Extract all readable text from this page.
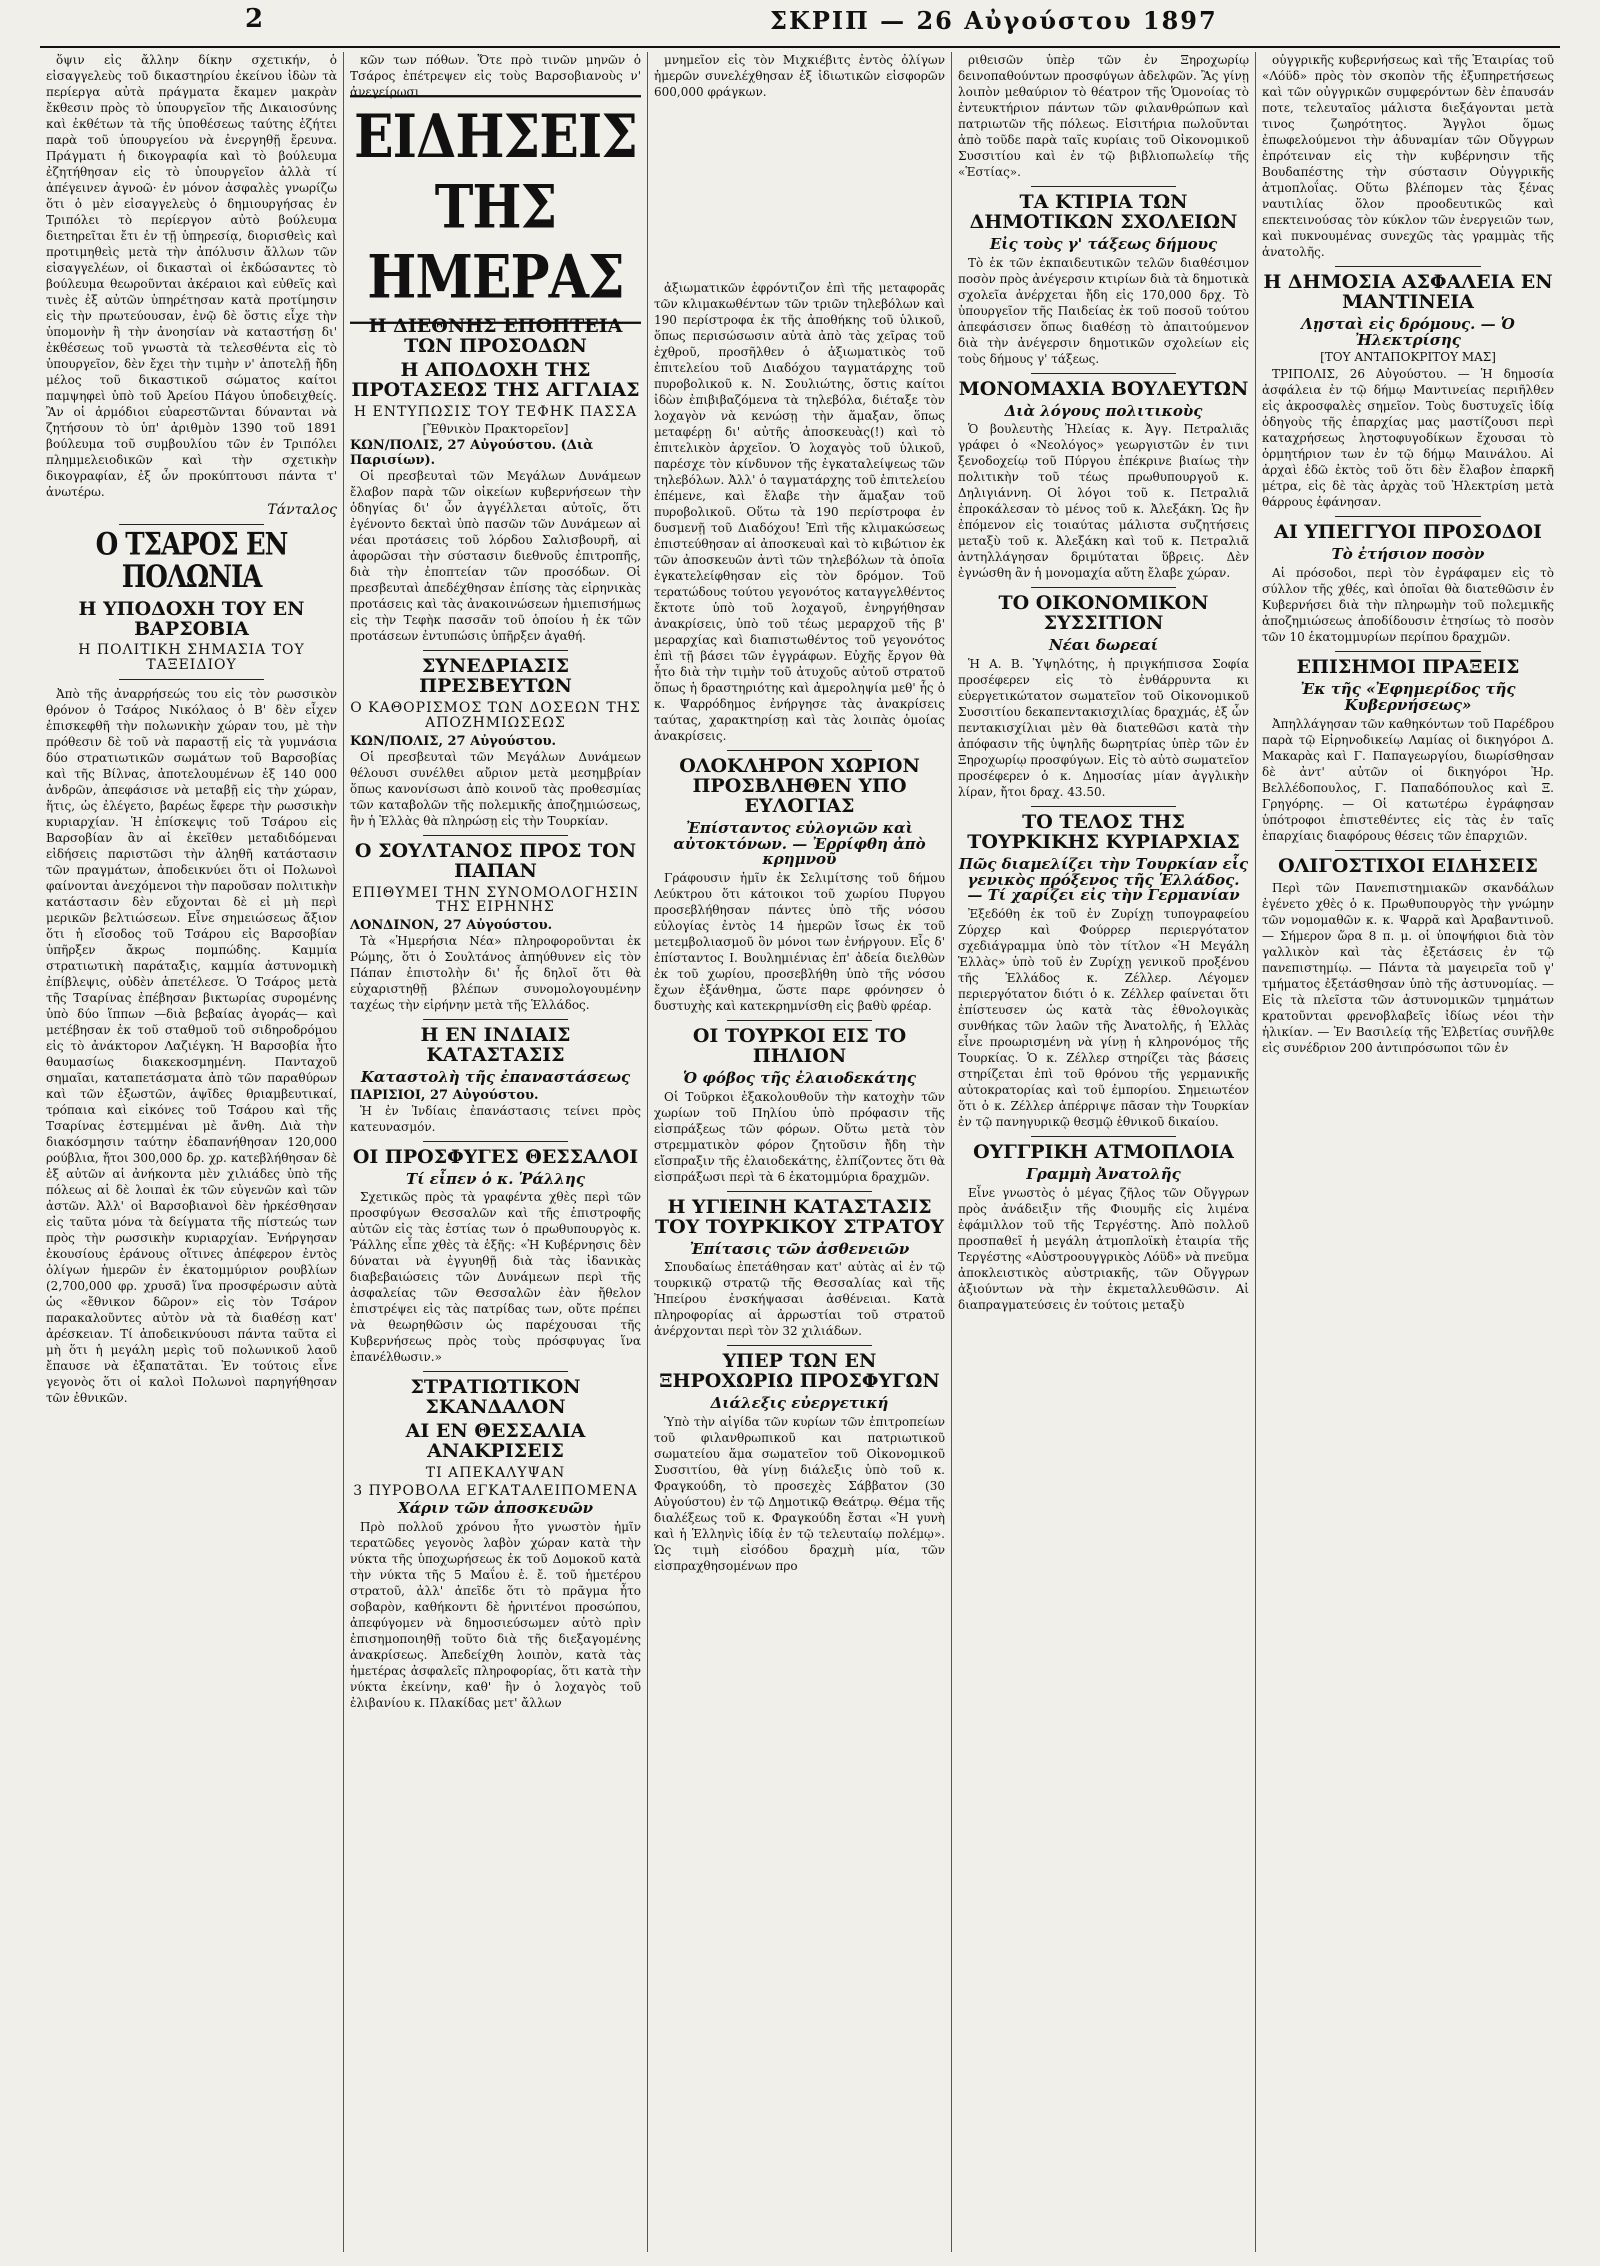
2	ΣΚΡΙΠ — 26 Αὐγούστου 1897

ὅψιν εἰς ἄλλην δίκην σχετικήν, ὁ εἰσαγγελεὺς τοῦ δικαστηρίου ἐκείνου ἰδὼν τὰ περίεργα αὐτὰ πράγματα ἔκαμεν μακρὰν ἔκθεσιν πρὸς τὸ ὑπουργεῖον τῆς Δικαιοσύνης καὶ ἐκθέτων τὰ τῆς ὑποθέσεως ταύτης ἐζήτει παρὰ τοῦ ὑπουργείου νὰ ἐνεργηθῇ ἔρευνα. Πράγματι ἡ δικογραφία καὶ τὸ βούλευμα ἐζητήθησαν εἰς τὸ ὑπουργεῖον ἀλλὰ τί ἀπέγεινεν ἀγνοῶ· ἐν μόνον ἀσφαλὲς γνωρίζω ὅτι ὁ μὲν εἰσαγγελεὺς ὁ δημιουργήσας ἐν Τριπόλει τὸ περίεργον αὐτὸ βούλευμα διετηρεῖται ἔτι ἐν τῇ ὑπηρεσίᾳ, διορισθεὶς καὶ προτιμηθεὶς μετὰ τὴν ἀπόλυσιν ἄλλων τῶν εἰσαγγελέων, οἱ δικασταὶ οἱ ἐκδώσαντες τὸ βούλευμα θεωροῦνται ἀκέραιοι καὶ εὐθεῖς καὶ τινὲς ἐξ αὐτῶν ὑπηρέτησαν κατὰ προτίμησιν εἰς τὴν πρωτεύουσαν, ἐνῷ δὲ ὅστις εἶχε τὴν ὑπομονὴν ἢ τὴν ἀνοησίαν νὰ καταστήσῃ δι' ἐκθέσεως τοῦ γνωστὰ τὰ τελεσθέντα εἰς τὸ ὑπουργεῖον, δὲν ἔχει τὴν τιμὴν ν' ἀποτελῇ ἤδη μέλος τοῦ δικαστικοῦ σώματος καίτοι παμψηφεὶ ὑπὸ τοῦ Ἀρείου Πάγου ὑποδειχθείς. Ἂν οἱ ἁρμόδιοι εὐαρεστῶνται δύνανται νὰ ζητήσουν τὸ ὑπ' ἀριθμὸν 1390 τοῦ 1891 βούλευμα τοῦ συμβουλίου τῶν ἐν Τριπόλει πλημμελειοδικῶν καὶ τὴν σχετικὴν δικογραφίαν, ἐξ ὧν προκύπτουσι πάντα τ' ἀνωτέρω.

Τάνταλος
Ο ΤΣΑΡΟΣ ΕΝ ΠΟΛΩΝΙΑ
Η ΥΠΟΔΟΧΗ ΤΟΥ ΕΝ ΒΑΡΣΟΒΙΑ
Η ΠΟΛΙΤΙΚΗ ΣΗΜΑΣΙΑ ΤΟΥ ΤΑΞΕΙΔΙΟΥ

Ἀπὸ τῆς ἀναρρήσεώς του εἰς τὸν ρωσσικὸν θρόνον ὁ Τσάρος Νικόλαος ὁ Β' δὲν εἶχεν ἐπισκεφθῆ τὴν πολωνικὴν χώραν του, μὲ τὴν πρόθεσιν δὲ τοῦ νὰ παραστῇ εἰς τὰ γυμνάσια δύο στρατιωτικῶν σωμάτων τοῦ Βαρσοβίας καὶ τῆς Βίλνας, ἀποτελουμένων ἐξ 140 000 ἀνδρῶν, ἀπεφάσισε νὰ μεταβῇ εἰς τὴν χώραν, ἥτις, ὡς ἐλέγετο, βαρέως ἔφερε τὴν ρωσσικὴν κυριαρχίαν. Ἡ ἐπίσκεψις τοῦ Τσάρου εἰς Βαρσοβίαν ἂν αἱ ἐκεῖθεν μεταδιδόμεναι εἰδήσεις παριστῶσι τὴν ἀληθῆ κατάστασιν τῶν πραγμάτων, ἀποδεικνύει ὅτι οἱ Πολωνοὶ φαίνονται ἀνεχόμενοι τὴν παροῦσαν πολιτικὴν κατάστασιν δὲν εὔχονται δὲ εἰ μὴ περὶ μερικῶν βελτιώσεων. Εἶνε σημειώσεως ἄξιον ὅτι ἡ εἴσοδος τοῦ Τσάρου εἰς Βαρσοβίαν ὑπῆρξεν ἄκρως πομπώδης. Καμμία στρατιωτικὴ παράταξις, καμμία ἀστυνομικὴ ἐπίβλεψις, οὐδὲν ἀπετέλεσε. Ὁ Τσάρος μετὰ τῆς Τσαρίνας ἐπέβησαν βικτωρίας συρομένης ὑπὸ δύο ἵππων —διὰ βεβαίας ἀγοράς— καὶ μετέβησαν ἐκ τοῦ σταθμοῦ τοῦ σιδηροδρόμου εἰς τὸ ἀνάκτορον Λαζιέγκη. Ἡ Βαρσοβία ἦτο θαυμασίως διακεκοσμημένη. Πανταχοῦ σημαῖαι, καταπετάσματα ἀπὸ τῶν παραθύρων καὶ τῶν ἐξωστῶν, ἁψῖδες θριαμβευτικαί, τρόπαια καὶ εἰκόνες τοῦ Τσάρου καὶ τῆς Τσαρίνας ἐστεμμέναι μὲ ἄνθη. Διὰ τὴν διακόσμησιν ταύτην ἐδαπανήθησαν 120,000 ρούβλια, ἤτοι 300,000 δρ. χρ. κατεβλήθησαν δὲ ἐξ αὐτῶν αἱ ἀνήκοντα μὲν χιλιάδες ὑπὸ τῆς πόλεως αἱ δὲ λοιπαὶ ἐκ τῶν εὐγενῶν καὶ τῶν ἀστῶν. Ἀλλ' οἱ Βαρσοβιανοὶ δὲν ἠρκέσθησαν εἰς ταῦτα μόνα τὰ δείγματα τῆς πίστεώς των πρὸς τὴν ρωσσικὴν κυριαρχίαν. Ἐνήργησαν ἐκουσίους ἐράνους οἵτινες ἀπέφερον ἐντὸς ὀλίγων ἡμερῶν ἐν ἑκατομμύριον ρουβλίων (2,700,000 φρ. χρυσᾶ) ἵνα προσφέρωσιν αὐτὰ ὡς «ἔθνικον δῶρον» εἰς τὸν Τσάρον παρακαλοῦντες αὐτὸν νὰ τὰ διαθέσῃ κατ' ἀρέσκειαν. Τί ἀποδεικνύουσι πάντα ταῦτα εἰ μὴ ὅτι ἡ μεγάλη μερὶς τοῦ πολωνικοῦ λαοῦ ἔπαυσε νὰ ἐξαπατᾶται. Ἐν τούτοις εἶνε γεγονὸς ὅτι οἱ καλοὶ Πολωνοὶ παρηγήθησαν τῶν ἐθνικῶν.

κῶν των πόθων. Ὅτε πρὸ τινῶν μηνῶν ὁ Τσάρος ἐπέτρεψεν εἰς τοὺς Βαρσοβιανοὺς ν' ἀνεγείρωσι

ΕΙΔΗΣΕΙΣ ΤΗΣ ΗΜΕΡΑΣ
Η ΔΙΕΘΝΗΣ ΕΠΟΠΤΕΙΑ ΤΩΝ ΠΡΟΣΟΔΩΝ
Η ΑΠΟΔΟΧΗ ΤΗΣ ΠΡΟΤΑΣΕΩΣ ΤΗΣ ΑΓΓΛΙΑΣ
Η ΕΝΤΥΠΩΣΙΣ ΤΟΥ ΤΕΦΗΚ ΠΑΣΣΑ
[Ἔθνικὸν Πρακτορεῖον]
ΚΩΝ/ΠΟΛΙΣ, 27 Αὐγούστου. (Διὰ Παρισίων).

Οἱ πρεσβευταὶ τῶν Μεγάλων Δυνάμεων ἔλαβον παρὰ τῶν οἰκείων κυβερνήσεων τὴν ὁδηγίας δι' ὧν ἀγγέλλεται αὐτοῖς, ὅτι ἐγένοντο δεκταὶ ὑπὸ πασῶν τῶν Δυνάμεων αἱ νέαι προτάσεις τοῦ λόρδου Σαλισβουρῆ, αἱ ἀφορῶσαι τὴν σύστασιν διεθνοῦς ἐπιτροπῆς, διὰ τὴν ἐποπτείαν τῶν προσόδων. Οἱ πρεσβευταὶ ἀπεδέχθησαν ἐπίσης τὰς εἰρηνικὰς προτάσεις καὶ τὰς ἀνακοινώσεων ἡμιεπισήμως εἰς τὴν Τεφὴκ πασσᾶν τοῦ ὁποίου ἡ ἐκ τῶν προτάσεων ἐντυπώσις ὑπῆρξεν ἀγαθή.

ΣΥΝΕΔΡΙΑΣΙΣ ΠΡΕΣΒΕΥΤΩΝ
Ο ΚΑΘΟΡΙΣΜΟΣ ΤΩΝ ΔΟΣΕΩΝ ΤΗΣ ΑΠΟΖΗΜΙΩΣΕΩΣ
ΚΩΝ/ΠΟΛΙΣ, 27 Αὐγούστου.

Οἱ πρεσβευταὶ τῶν Μεγάλων Δυνάμεων θέλουσι συνέλθει αὔριον μετὰ μεσημβρίαν ὅπως κανονίσωσι ἀπὸ κοινοῦ τὰς προθεσμίας τῶν καταβολῶν τῆς πολεμικῆς ἀποζημιώσεως, ἣν ἡ Ἑλλὰς θὰ πληρώσῃ εἰς τὴν Τουρκίαν.

Ο ΣΟΥΛΤΑΝΟΣ ΠΡΟΣ ΤΟΝ ΠΑΠΑΝ
ΕΠΙΘΥΜΕΙ ΤΗΝ ΣΥΝΟΜΟΛΟΓΗΣΙΝ ΤΗΣ ΕΙΡΗΝΗΣ
ΛΟΝΔΙΝΟΝ, 27 Αὐγούστου.

Τὰ «Ἡμερήσια Νέα» πληροφοροῦνται ἐκ Ρώμης, ὅτι ὁ Σουλτάνος ἀπηύθυνεν εἰς τὸν Πάπαν ἐπιστολὴν δι' ἧς δηλοῖ ὅτι θὰ εὐχαριστηθῇ βλέπων συνομολογουμένην ταχέως τὴν εἰρήνην μετὰ τῆς Ἑλλάδος.

Η ΕΝ ΙΝΔΙΑΙΣ ΚΑΤΑΣΤΑΣΙΣ
Καταστολὴ τῆς ἐπαναστάσεως
ΠΑΡΙΣΙΟΙ, 27 Αὐγούστου.

Ἡ ἐν Ἰνδίαις ἐπανάστασις τείνει πρὸς κατευνασμόν.

ΟΙ ΠΡΟΣΦΥΓΕΣ ΘΕΣΣΑΛΟΙ
Τί εἶπεν ὁ κ. Ῥάλλης

Σχετικῶς πρὸς τὰ γραφέντα χθὲς περὶ τῶν προσφύγων Θεσσαλῶν καὶ τῆς ἐπιστροφῆς αὐτῶν εἰς τὰς ἑστίας των ὁ πρωθυπουργὸς κ. Ῥάλλης εἶπε χθὲς τὰ ἑξῆς: «Ἡ Κυβέρνησις δὲν δύναται νὰ ἐγγυηθῇ διὰ τὰς ἰδανικὰς διαβεβαιώσεις τῶν Δυνάμεων περὶ τῆς ἀσφαλείας τῶν Θεσσαλῶν ἐὰν ἤθελον ἐπιστρέψει εἰς τὰς πατρίδας των, οὔτε πρέπει νὰ θεωρηθῶσιν ὡς παρέχουσαι τῆς Κυβερνήσεως πρὸς τοὺς πρόσφυγας ἵνα ἐπανέλθωσιν.»

ΣΤΡΑΤΙΩΤΙΚΟΝ ΣΚΑΝΔΑΛΟΝ
ΑΙ ΕΝ ΘΕΣΣΑΛΙΑ ΑΝΑΚΡΙΣΕΙΣ
ΤΙ ΑΠΕΚΑΛΥΨΑΝ
3 ΠΥΡΟΒΟΛΑ ΕΓΚΑΤΑΛΕΙΠΟΜΕΝΑ
Χάριν τῶν ἀποσκευῶν

Πρὸ πολλοῦ χρόνου ἦτο γνωστὸν ἡμῖν τερατῶδες γεγονὸς λαβὸν χώραν κατὰ τὴν νύκτα τῆς ὑποχωρήσεως ἐκ τοῦ Δομοκοῦ κατὰ τὴν νύκτα τῆς 5 Μαΐου ἐ. ἔ. τοῦ ἡμετέρου στρατοῦ, ἀλλ' ἀπεῖδε ὅτι τὸ πρᾶγμα ἦτο σοβαρὸν, καθήκοντι δὲ ἠρνιτένοι προσώπου, ἀπεφύγομεν νὰ δημοσιεύσωμεν αὐτὸ πρὶν ἐπισημοποιηθῇ τοῦτο διὰ τῆς διεξαγομένης ἀνακρίσεως. Ἀπεδείχθη λοιπὸν, κατὰ τὰς ἡμετέρας ἀσφαλεῖς πληροφορίας, ὅτι κατὰ τὴν νύκτα ἐκείνην, καθ' ἣν ὁ λοχαγὸς τοῦ ἐλιβανίου κ. Πλακίδας μετ' ἄλλων

μνημεῖον εἰς τὸν Μιχκιέβιτς ἐντὸς ὀλίγων ἡμερῶν συνελέχθησαν ἐξ ἰδιωτικῶν εἰσφορῶν 600,000 φράγκων.

ἀξιωματικῶν ἐφρόντιζον ἐπὶ τῆς μεταφορᾶς τῶν κλιμακωθέντων τῶν τριῶν τηλεβόλων καὶ 190 περίστροφα ἐκ τῆς ἀποθήκης τοῦ ὑλικοῦ, ὅπως περισώσωσιν αὐτὰ ἀπὸ τὰς χεῖρας τοῦ ἐχθροῦ, προσῆλθεν ὁ ἀξιωματικὸς τοῦ ἐπιτελείου τοῦ Διαδόχου ταγματάρχης τοῦ πυροβολικοῦ κ. Ν. Σουλιώτης, ὅστις καίτοι ἰδὼν ἐπιβιβαζόμενα τὰ τηλεβόλα, διέταξε τὸν λοχαγὸν νὰ κενώσῃ τὴν ἅμαξαν, ὅπως μεταφέρῃ δι' αὐτῆς ἀποσκευὰς(!) καὶ τὸ ἐπιτελικὸν ἀρχεῖον. Ὁ λοχαγὸς τοῦ ὑλικοῦ, παρέσχε τὸν κίνδυνον τῆς ἐγκαταλείψεως τῶν τηλεβόλων. Ἀλλ' ὁ ταγματάρχης τοῦ ἐπιτελείου ἐπέμενε, καὶ ἔλαβε τὴν ἅμαξαν τοῦ πυροβολικοῦ. Οὕτω τὰ 190 περίστροφα ἐν δυσμενῇ τοῦ Διαδόχου! Ἐπὶ τῆς κλιμακώσεως ἐπιστεύθησαν αἱ ἀποσκευαὶ καὶ τὸ κιβώτιον ἐκ τῶν ἀποσκευῶν ἀντὶ τῶν τηλεβόλων τὰ ὁποῖα ἐγκατελείφθησαν εἰς τὸν δρόμον. Τοῦ τερατώδους τούτου γεγονότος καταγγελθέντος ἔκτοτε ὑπὸ τοῦ λοχαγοῦ, ἐνηργήθησαν ἀνακρίσεις, ὑπὸ τοῦ τέως μεραρχοῦ τῆς β' μεραρχίας καὶ διαπιστωθέντος τοῦ γεγονότος ἐπὶ τῇ βάσει τῶν ἐγγράφων. Εὐχῆς ἔργον θὰ ἦτο διὰ τὴν τιμὴν τοῦ ἀτυχοῦς αὐτοῦ στρατοῦ ὅπως ἡ δραστηριότης καὶ ἀμεροληψία μεθ' ἧς ὁ κ. Ψαρρόδημος ἐνήργησε τὰς ἀνακρίσεις ταύτας, χαρακτηρίσῃ καὶ τὰς λοιπὰς ὁμοίας ἀνακρίσεις.

ΟΛΟΚΛΗΡΟΝ ΧΩΡΙΟΝ ΠΡΟΣΒΛΗΘΕΝ ΥΠΟ ΕΥΛΟΓΙΑΣ
Ἐπίσταντος εὐλογιῶν καὶ αὐτοκτόνων. — Ἐρρίφθη ἀπὸ κρημνοῦ

Γράφουσιν ἡμῖν ἐκ Σελιμίτσης τοῦ δήμου Λεύκτρου ὅτι κάτοικοι τοῦ χωρίου Πυργου προσεβλήθησαν πάντες ὑπὸ τῆς νόσου εὐλογίας ἐντὸς 14 ἡμερῶν ἴσως ἐκ τοῦ μετεμβολιασμοῦ ὃν μόνοι των ἐνήργουν. Εἷς δ' ἐπίσταντος Ι. Βουλημιένιας ἐπ' ἀδεία διελθὼν ἐκ τοῦ χωρίου, προσεβλήθη ὑπὸ τῆς νόσου ἔχων ἐξάνθημα, ὥστε παρε φρόνησεν ὁ δυστυχὴς καὶ κατεκρημνίσθη εἰς βαθὺ φρέαρ.

ΟΙ ΤΟΥΡΚΟΙ ΕΙΣ ΤΟ ΠΗΛΙΟΝ
Ὁ φόβος τῆς ἐλαιοδεκάτης

Οἱ Τοῦρκοι ἐξακολουθοῦν τὴν κατοχὴν τῶν χωρίων τοῦ Πηλίου ὑπὸ πρόφασιν τῆς εἰσπράξεως τῶν φόρων. Οὕτω μετὰ τὸν στρεμματικὸν φόρον ζητοῦσιν ἤδη τὴν εἴσπραξιν τῆς ἐλαιοδεκάτης, ἐλπίζοντες ὅτι θὰ εἰσπράξωσι περὶ τὰ 6 ἑκατομμύρια δραχμῶν.

Η ΥΓΙΕΙΝΗ ΚΑΤΑΣΤΑΣΙΣ ΤΟΥ ΤΟΥΡΚΙΚΟΥ ΣΤΡΑΤΟΥ
Ἐπίτασις τῶν ἀσθενειῶν

Σπουδαίως ἐπετάθησαν κατ' αὐτὰς αἱ ἐν τῷ τουρκικῷ στρατῷ τῆς Θεσσαλίας καὶ τῆς Ἠπείρου ἐνσκήψασαι ἀσθένειαι. Κατὰ πληροφορίας αἱ ἀρρωστίαι τοῦ στρατοῦ ἀνέρχονται περὶ τὸν 32 χιλιάδων.

ΥΠΕΡ ΤΩΝ ΕΝ ΞΗΡΟΧΩΡΙΩ ΠΡΟΣΦΥΓΩΝ
Διάλεξις εὐεργετική

Ὑπὸ τὴν αἰγίδα τῶν κυρίων τῶν ἐπιτροπείων τοῦ φιλανθρωπικοῦ και πατριωτικοῦ σωματείου ἅμα σωματεῖον τοῦ Οἰκονομικοῦ Συσσιτίου, θὰ γίνῃ διάλεξις ὑπὸ τοῦ κ. Φραγκούδη, τὸ προσεχὲς Σάββατον (30 Αὐγούστου) ἐν τῷ Δημοτικῷ Θεάτρῳ. Θέμα τῆς διαλέξεως τοῦ κ. Φραγκούδη ἔσται «Ἡ γυνὴ καὶ ἡ Ἑλληνὶς ἰδίᾳ ἐν τῷ τελευταίῳ πολέμῳ». Ὡς τιμὴ εἰσόδου δραχμὴ μία, τῶν εἰσπραχθησομένων προ

ριθεισῶν ὑπὲρ τῶν ἐν Ξηροχωρίῳ δεινοπαθούντων προσφύγων ἀδελφῶν. Ἂς γίνῃ λοιπὸν μεθαύριον τὸ θέατρον τῆς Ὁμονοίας τὸ ἐντευκτήριον πάντων τῶν φιλανθρώπων καὶ πατριωτῶν τῆς πόλεως. Εἰσιτήρια πωλοῦνται ἀπὸ τοῦδε παρὰ ταῖς κυρίαις τοῦ Οἰκονομικοῦ Συσσιτίου καὶ ἐν τῷ βιβλιοπωλείῳ τῆς «Ἑστίας».

ΤΑ ΚΤΙΡΙΑ ΤΩΝ ΔΗΜΟΤΙΚΩΝ ΣΧΟΛΕΙΩΝ
Εἰς τοὺς γ' τάξεως δήμους

Τὸ ἐκ τῶν ἐκπαιδευτικῶν τελῶν διαθέσιμον ποσὸν πρὸς ἀνέγερσιν κτιρίων διὰ τὰ δημοτικὰ σχολεῖα ἀνέρχεται ἤδη εἰς 170,000 δρχ. Τὸ ὑπουργεῖον τῆς Παιδείας ἐκ τοῦ ποσοῦ τούτου ἀπεφάσισεν ὅπως διαθέσῃ τὸ ἀπαιτούμενον διὰ τὴν ἀνέγερσιν δημοτικῶν σχολείων εἰς τοὺς δήμους γ' τάξεως.

ΜΟΝΟΜΑΧΙΑ ΒΟΥΛΕΥΤΩΝ
Διὰ λόγους πολιτικοὺς

Ὁ βουλευτὴς Ἠλείας κ. Ἀγγ. Πετραλιᾶς γράφει ὁ «Νεολόγος» γεωργιστῶν ἐν τινι ξενοδοχείῳ τοῦ Πύργου ἐπέκρινε βιαίως τὴν πολιτικὴν τοῦ τέως πρωθυπουργοῦ κ. Δηλιγιάννη. Οἱ λόγοι τοῦ κ. Πετραλιᾶ ἐπροκάλεσαν τὸ μένος τοῦ κ. Ἀλεξάκη. Ὡς ἢν ἐπόμενον εἰς τοιαύτας μάλιστα συζητήσεις μεταξὺ τοῦ κ. Ἀλεξάκη καὶ τοῦ κ. Πετραλιᾶ ἀντηλλάγησαν δριμύταται ὕβρεις. Δὲν ἐγνώσθη ἂν ἡ μονομαχία αὕτη ἔλαβε χώραν.

ΤΟ ΟΙΚΟΝΟΜΙΚΟΝ ΣΥΣΣΙΤΙΟΝ
Νέαι δωρεαί

Ἡ Α. Β. Ὑψηλότης, ἡ πριγκήπισσα Σοφία προσέφερεν εἰς τὸ ἐνθάρρυντα κι εὐεργετικώτατον σωματεῖον τοῦ Οἰκονομικοῦ Συσσιτίου δεκαπεντακισχιλίας δραχμάς, ἐξ ὧν πεντακισχίλιαι μὲν θὰ διατεθῶσι κατὰ τὴν ἀπόφασιν τῆς ὑψηλῆς δωρητρίας ὑπὲρ τῶν ἐν Ξηροχωρίῳ προσφύγων. Εἰς τὸ αὐτὸ σωματεῖον προσέφερεν ὁ κ. Δημοσίας μίαν ἀγγλικὴν λίραν, ἤτοι δραχ. 43.50.

ΤΟ ΤΕΛΟΣ ΤΗΣ ΤΟΥΡΚΙΚΗΣ ΚΥΡΙΑΡΧΙΑΣ
Πῶς διαμελίζει τὴν Τουρκίαν εἷς γενικὸς πρόξενος τῆς Ἑλλάδος. — Τί χαρίζει εἰς τὴν Γερμανίαν

Ἐξεδόθη ἐκ τοῦ ἐν Ζυρίχῃ τυπογραφείου Ζύρχερ καὶ Φούρρερ περιεργότατον σχεδιάγραμμα ὑπὸ τὸν τίτλον «Ἡ Μεγάλη Ἑλλὰς» ὑπὸ τοῦ ἐν Ζυρίχῃ γενικοῦ προξένου τῆς Ἑλλάδος κ. Ζέλλερ. Λέγομεν περιεργότατον διότι ὁ κ. Ζέλλερ φαίνεται ὅτι ἐπίστευσεν ὡς κατὰ τὰς ἐθνολογικὰς συνθήκας τῶν λαῶν τῆς Ἀνατολῆς, ἡ Ἑλλὰς εἶνε προωρισμένη νὰ γίνῃ ἡ κληρονόμος τῆς Τουρκίας. Ὁ κ. Ζέλλερ στηρίζει τὰς βάσεις στηρίζεται ἐπὶ τοῦ θρόνου τῆς γερμανικῆς αὐτοκρατορίας καὶ τοῦ ἐμπορίου. Σημειωτέον ὅτι ὁ κ. Ζέλλερ ἀπέρριψε πᾶσαν τὴν Τουρκίαν ἐν τῷ πανηγυρικῷ θεσμῷ ἐθνικοῦ δικαίου.

ΟΥΓΓΡΙΚΗ ΑΤΜΟΠΛΟΙΑ
Γραμμὴ Ἀνατολῆς

Εἶνε γνωστὸς ὁ μέγας ζῆλος τῶν Οὔγγρων πρὸς ἀνάδειξιν τῆς Φιουμῆς εἰς λιμένα ἐφάμιλλον τοῦ τῆς Τεργέστης. Ἀπὸ πολλοῦ προσπαθεῖ ἡ μεγάλη ἀτμοπλοϊκὴ ἑταιρία τῆς Τεργέστης «Αὐστροουγγρικὸς Λόϋδ» νὰ πνεῦμα ἀποκλειστικὸς αὐστριακῆς, τῶν Οὔγγρων ἀξιούντων νὰ τὴν ἐκμεταλλευθῶσιν. Αἱ διαπραγματεύσεις ἐν τούτοις μεταξὺ

οὐγγρικῆς κυβερνήσεως καὶ τῆς Ἑταιρίας τοῦ «Λόϋδ» πρὸς τὸν σκοπὸν τῆς ἐξυπηρετήσεως καὶ τῶν οὐγγρικῶν συμφερόντων δὲν ἐπαυσάν ποτε, τελευταῖος μάλιστα διεξάγονται μετὰ τινος ζωηρότητος. Ἄγγλοι ὅμως ἐπωφελούμενοι τὴν ἀδυναμίαν τῶν Οὔγγρων ἐπρότειναν εἰς τὴν κυβέρνησιν τῆς Βουδαπέστης τὴν σύστασιν Οὐγγρικῆς ἀτμοπλοΐας. Οὕτω βλέπομεν τὰς ξένας ναυτιλίας ὅλον προοδευτικῶς καὶ επεκτεινούσας τὸν κύκλον τῶν ἐνεργειῶν των, καὶ πυκνουμένας συνεχῶς τὰς γραμμὰς τῆς ἀνατολῆς.

Η ΔΗΜΟΣΙΑ ΑΣΦΑΛΕΙΑ ΕΝ ΜΑΝΤΙΝΕΙΑ
Λῃσταὶ εἰς δρόμους. — Ὁ Ἠλεκτρίσης
[ΤΟΥ ΑΝΤΑΠΟΚΡΙΤΟΥ ΜΑΣ]

ΤΡΙΠΟΛΙΣ, 26 Αὐγούστου. — Ἡ δημοσία ἀσφάλεια ἐν τῷ δήμῳ Μαντινείας περιῆλθεν εἰς ἀκροσφαλὲς σημεῖον. Τοὺς δυστυχεῖς ἰδίᾳ ὁδηγοὺς τῆς ἐπαρχίας μας μαστίζουσι περὶ καταχρήσεως ληστοφυγοδίκων ἔχουσαι τὸ ὁρμητήριον των ἐν τῷ δήμῳ Μαινάλου. Αἱ ἀρχαὶ ἐδῶ ἐκτὸς τοῦ ὅτι δὲν ἔλαβον ἐπαρκῆ μέτρα, εἰς δὲ τὰς ἀρχὰς τοῦ Ἠλεκτρίση μετὰ θάρρους ἐφάνησαν.

ΑΙ ΥΠΕΓΓΥΟΙ ΠΡΟΣΟΔΟΙ
Τὸ ἐτήσιον ποσὸν

Αἱ πρόσοδοι, περὶ τὸν ἐγράφαμεν εἰς τὸ σύλλον τῆς χθές, καὶ ὁποῖαι θὰ διατεθῶσιν ἐν Κυβερνήσει διὰ τὴν πληρωμὴν τοῦ πολεμικῆς ἀποζημιώσεως ἀποδίδουσιν ἐτησίως τὸ ποσὸν τῶν 10 ἑκατομμυρίων περίπου δραχμῶν.

ΕΠΙΣΗΜΟΙ ΠΡΑΞΕΙΣ
Ἐκ τῆς «Ἐφημερίδος τῆς Κυβερνήσεως»

Ἀπηλλάγησαν τῶν καθηκόντων τοῦ Παρέδρου παρὰ τῷ Εἰρηνοδικείῳ Λαμίας οἱ δικηγόροι Δ. Μακαρὰς καὶ Γ. Παπαγεωργίου, διωρίσθησαν δὲ ἀντ' αὐτῶν οἱ δικηγόροι Ἠρ. Βελλέδοπουλος, Γ. Παπαδόπουλος καὶ Ξ. Γρηγόρης. — Οἱ κατωτέρω ἐγράφησαν ὑπότροφοι ἐπιστεθέντες εἰς τὰς ἐν ταῖς ἐπαρχίαις διαφόρους θέσεις τῶν ἐπαρχιῶν.

ΟΛΙΓΟΣΤΙΧΟΙ ΕΙΔΗΣΕΙΣ

Περὶ τῶν Πανεπιστημιακῶν σκανδάλων ἐγένετο χθὲς ὁ κ. Πρωθυπουργὸς τὴν γνώμην τῶν νομομαθῶν κ. κ. Ψαρρᾶ καὶ Ἀραβαντινοῦ. — Σήμερον ὥρα 8 π. μ. οἱ ὑποψήφιοι διὰ τὸν γαλλικὸν καὶ τὰς ἐξετάσεις ἐν τῷ πανεπιστημίῳ. — Πάντα τὰ μαγειρεῖα τοῦ γ' τμήματος ἐξετάσθησαν ὑπὸ τῆς ἀστυνομίας. — Εἰς τὰ πλεῖστα τῶν ἀστυνομικῶν τμημάτων κρατοῦνται φρενοβλαβεῖς ἰδίως νέοι τὴν ἡλικίαν. — Ἐν Βασιλείᾳ τῆς Ἑλβετίας συνῆλθε εἰς συνέδριον 200 ἀντιπρόσωποι τῶν ἐν
